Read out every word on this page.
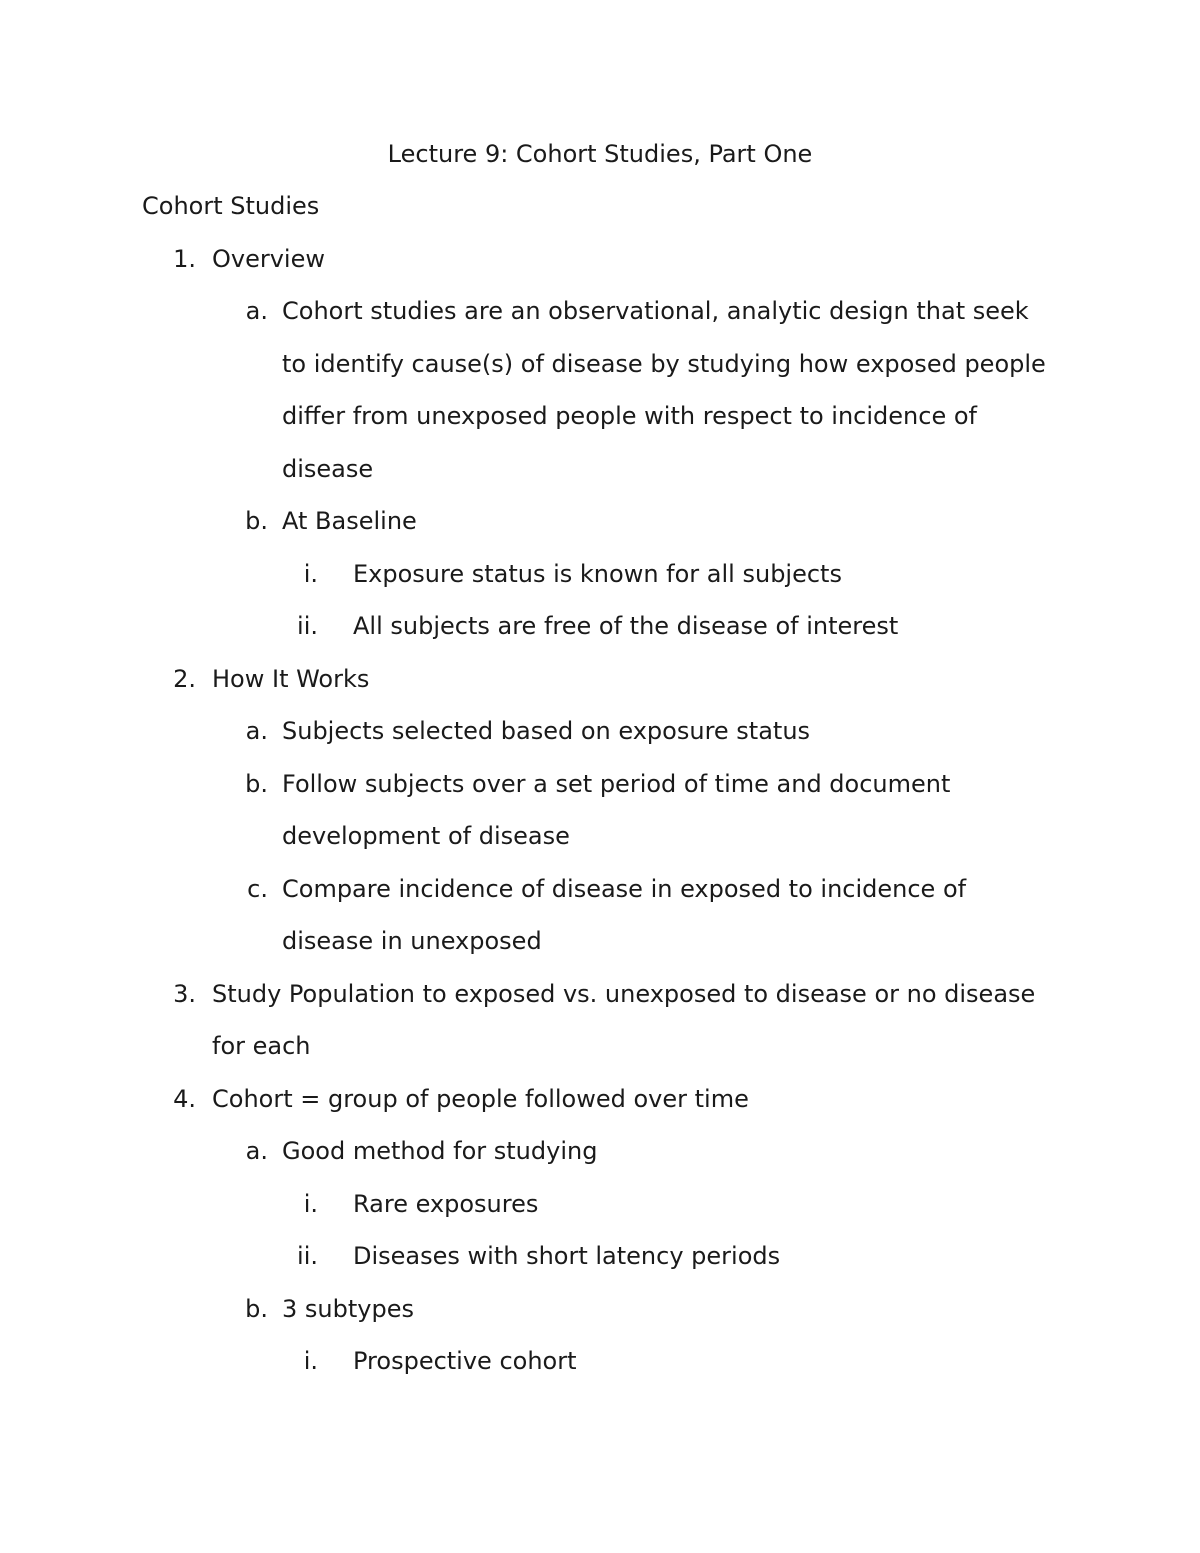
Lecture 9: Cohort Studies, Part One
Cohort Studies
1. Overview
a. Cohort studies are an observational, analytic design that seek
to identify cause(s) of disease by studying how exposed people
differ from unexposed people with respect to incidence of
disease
b. At Baseline
i. Exposure status is known for all subjects
ii. All subjects are free of the disease of interest
2. How It Works
a. Subjects selected based on exposure status
b. Follow subjects over a set period of time and document
development of disease
c. Compare incidence of disease in exposed to incidence of
disease in unexposed
3. Study Population to exposed vs. unexposed to disease or no disease
for each
4. Cohort = group of people followed over time
a. Good method for studying
i. Rare exposures
ii. Diseases with short latency periods
b. 3 subtypes
i. Prospective cohort
